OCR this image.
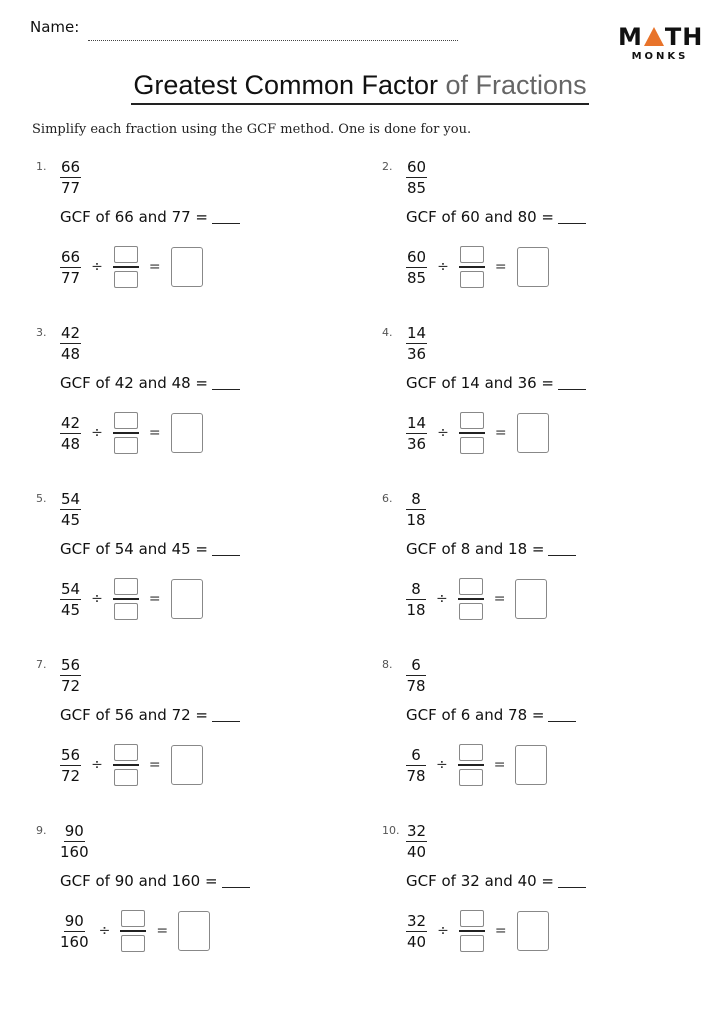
Name:	M TH
MONKS
Greatest Common Factor of Fractions
Simplify each fraction using the GCF method. One is done for you.
1. $\frac{66}{77}$
GCF of 66 and 77 =
$\frac{66}{77}$ ÷	=
2. $\frac{60}{85}$
GCF of 60 and 80 =
$\frac{60}{85}$ ÷	=
3. $\frac{42}{48}$
GCF of 42 and 48 =
$\frac{42}{48}$ ÷	=
4. $\frac{14}{36}$
GCF of 14 and 36 =
$\frac{14}{36}$ ÷	=
5. $\frac{54}{45}$
GCF of 54 and 45 =
$\frac{54}{45}$ ÷	=
6. $\frac{8}{18}$
GCF of 8 and 18 =
$\frac{8}{18}$ ÷	=
7. $\frac{56}{72}$
GCF of 56 and 72 =
$\frac{56}{72}$ ÷	=
8. $\frac{6}{78}$
GCF of 6 and 78 =
$\frac{6}{78}$ ÷	=
9. $\frac{90}{160}$
GCF of 90 and 160 =
$\frac{90}{160}$ ÷	=
10. $\frac{32}{40}$
GCF of 32 and 40 =
$\frac{32}{40}$ ÷	=
